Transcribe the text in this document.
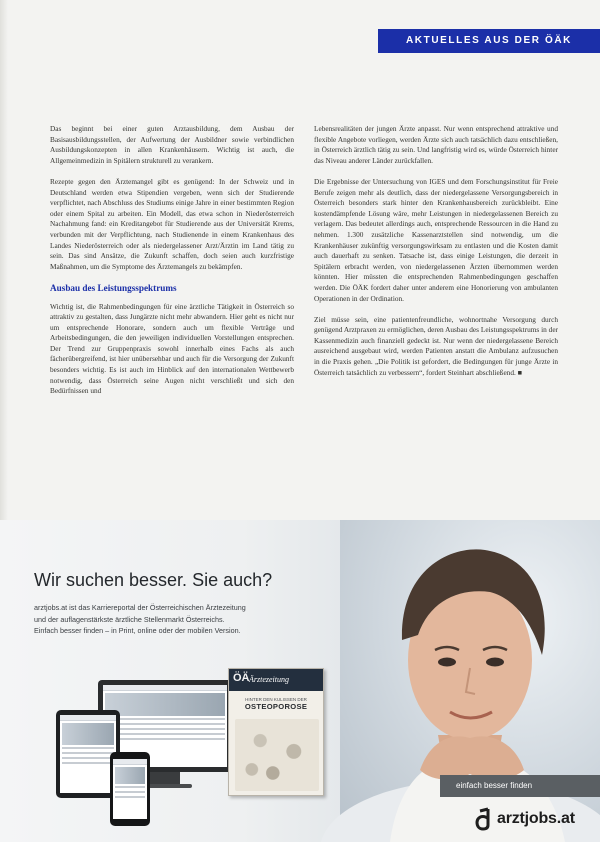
AKTUELLES AUS DER ÖÄK

Das beginnt bei einer guten Arztausbildung, dem Ausbau der Basisausbildungsstellen, der Aufwertung der Ausbildner sowie verbindlichen Ausbildungskonzepten in allen Krankenhäusern. Wichtig ist auch, die Allgemeinmedizin in Spitälern strukturell zu verankern.

Rezepte gegen den Ärztemangel gibt es genügend: In der Schweiz und in Deutschland werden etwa Stipendien vergeben, wenn sich der Studierende verpflichtet, nach Abschluss des Studiums einige Jahre in einer bestimmten Region oder einem Spital zu arbeiten. Ein Modell, das etwa schon in Niederösterreich Nachahmung fand: ein Kreditangebot für Studierende aus der Universität Krems, verbunden mit der Verpflichtung, nach Studienende in einem Krankenhaus des Landes Niederösterreich oder als niedergelassener Arzt/Ärztin im Land tätig zu sein. Das sind Ansätze, die Zukunft schaffen, doch seien auch kurzfristige Maßnahmen, um die Symptome des Ärztemangels zu bekämpfen.

Ausbau des Leistungsspektrums

Wichtig ist, die Rahmenbedingungen für eine ärztliche Tätigkeit in Österreich so attraktiv zu gestalten, dass Jungärzte nicht mehr abwandern. Hier geht es nicht nur um entsprechende Honorare, sondern auch um flexible Verträge und Arbeitsbedingungen, die den jeweiligen individuellen Vorstellungen entsprechen. Der Trend zur Gruppenpraxis sowohl innerhalb eines Fachs als auch fächerübergreifend, ist hier unübersehbar und auch für die Versorgung der Zukunft besonders wichtig. Es ist auch im Hinblick auf den internationalen Wettbewerb notwendig, dass Österreich seine Augen nicht verschließt und sich den Bedürfnissen und

Lebensrealitäten der jungen Ärzte anpasst. Nur wenn entsprechend attraktive und flexible Angebote vorliegen, werden Ärzte sich auch tatsächlich dazu entschließen, in Österreich ärztlich tätig zu sein. Und langfristig wird es, würde Österreich hinter das Niveau anderer Länder zurückfallen.

Die Ergebnisse der Untersuchung von IGES und dem Forschungsinstitut für Freie Berufe zeigen mehr als deutlich, dass der niedergelassene Versorgungsbereich in Österreich besonders stark hinter den Krankenhausbereich zurückbleibt. Eine kostendämpfende Lösung wäre, mehr Leistungen in niedergelassenen Bereich zu verlagern. Das bedeutet allerdings auch, entsprechende Ressourcen in die Hand zu nehmen. 1.300 zusätzliche Kassenarztstellen sind notwendig, um die Krankenhäuser zukünftig versorgungswirksam zu entlasten und die Kosten damit auch dauerhaft zu senken. Tatsache ist, dass einige Leistungen, die derzeit in Spitälern erbracht werden, von niedergelassenen Ärzten übernommen werden könnten. Hier müssten die entsprechenden Rahmenbedingungen geschaffen werden. Die ÖÄK fordert daher unter anderem eine Honorierung von ambulanten Operationen in der Ordination.

Ziel müsse sein, eine patientenfreundliche, wohnortnahe Versorgung durch genügend Arztpraxen zu ermöglichen, deren Ausbau des Leistungsspektrums in der Kassenmedizin auch finanziell gedeckt ist. Nur wenn der niedergelassene Bereich ausreichend ausgebaut wird, werden Patienten anstatt die Ambulanz aufzusuchen in die Praxis gehen. „Die Politik ist gefordert, die Bedingungen für junge Ärzte in Österreich tatsächlich zu verbessern“, fordert Steinhart abschließend. ■

Wir suchen besser. Sie auch?
arztjobs.at ist das Karriereportal der Österreichischen Ärztezeitung
und der auflagenstärkste ärztliche Stellenmarkt Österreichs.
Einfach besser finden – in Print, online oder der mobilen Version.
ÖÄ Ärztezeitung
HINTER DEN KULISSEN DER
OSTEOPOROSE
einfach besser finden
arztjobs.at
